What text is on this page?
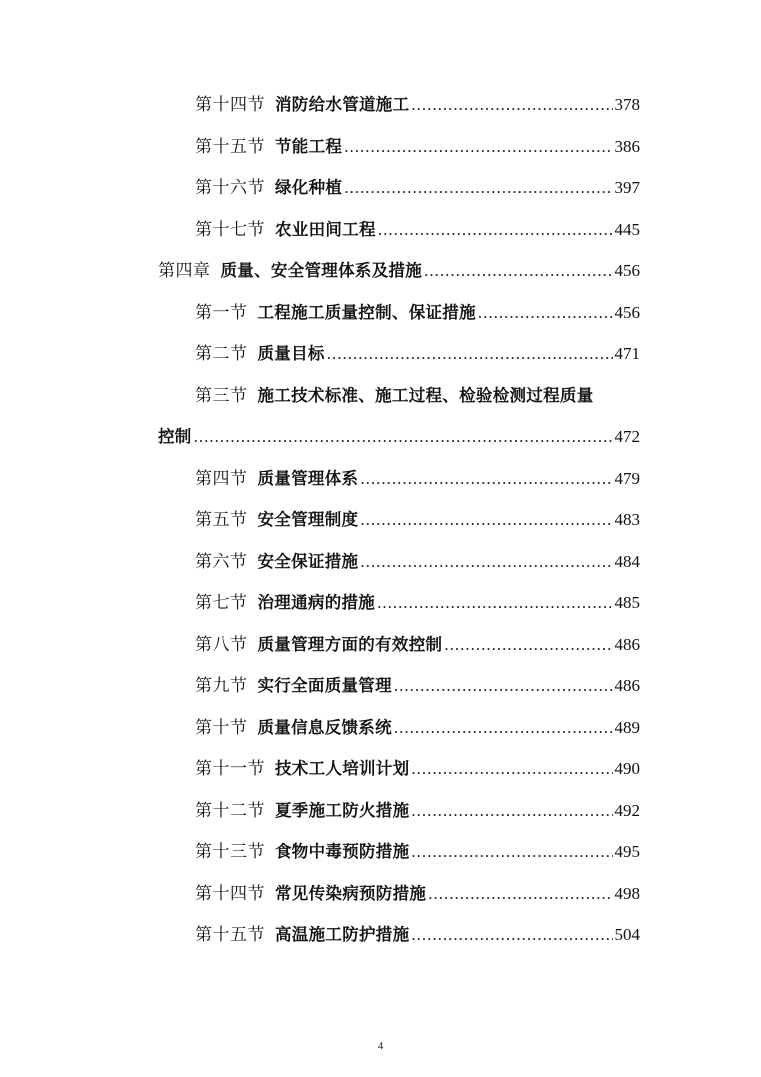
第十四节 消防给水管道施工 .....	378
第十五节 节能工程 .....	386
第十六节 绿化种植 .....	397
第十七节 农业田间工程 .....	445
第四章 质量、安全管理体系及措施 .....	456
第一节 工程施工质量控制、保证措施 .....	456
第二节 质量目标 .....	471
第三节 施工技术标准、施工过程、检验检测过程质量
控制 .....	472
第四节 质量管理体系 .....	479
第五节 安全管理制度 .....	483
第六节 安全保证措施 .....	484
第七节 治理通病的措施 .....	485
第八节 质量管理方面的有效控制 .....	486
第九节 实行全面质量管理 .....	486
第十节 质量信息反馈系统 .....	489
第十一节 技术工人培训计划 .....	490
第十二节 夏季施工防火措施 .....	492
第十三节 食物中毒预防措施 .....	495
第十四节 常见传染病预防措施 .....	498
第十五节 高温施工防护措施 .....	504
4
